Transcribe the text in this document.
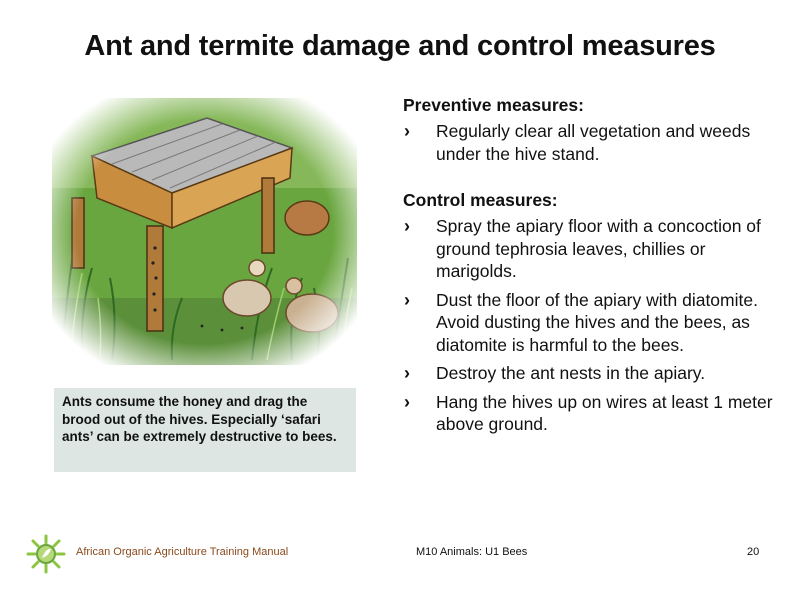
Ant and termite damage and control measures
Ants consume the honey and drag the brood out of the hives. Especially ‘safari ants’ can be extremely destructive to bees.
Preventive measures:
› Regularly clear all vegetation and weeds under the hive stand.
Control measures:
› Spray the apiary floor with a concoction of ground tephrosia leaves, chillies or marigolds.
› Dust the floor of the apiary with diatomite. Avoid dusting the hives and the bees, as diatomite is harmful to the bees.
› Destroy the ant nests in the apiary.
› Hang the hives up on wires at least 1 meter above ground.
African Organic Agriculture Training Manual	M10 Animals: U1 Bees	20
